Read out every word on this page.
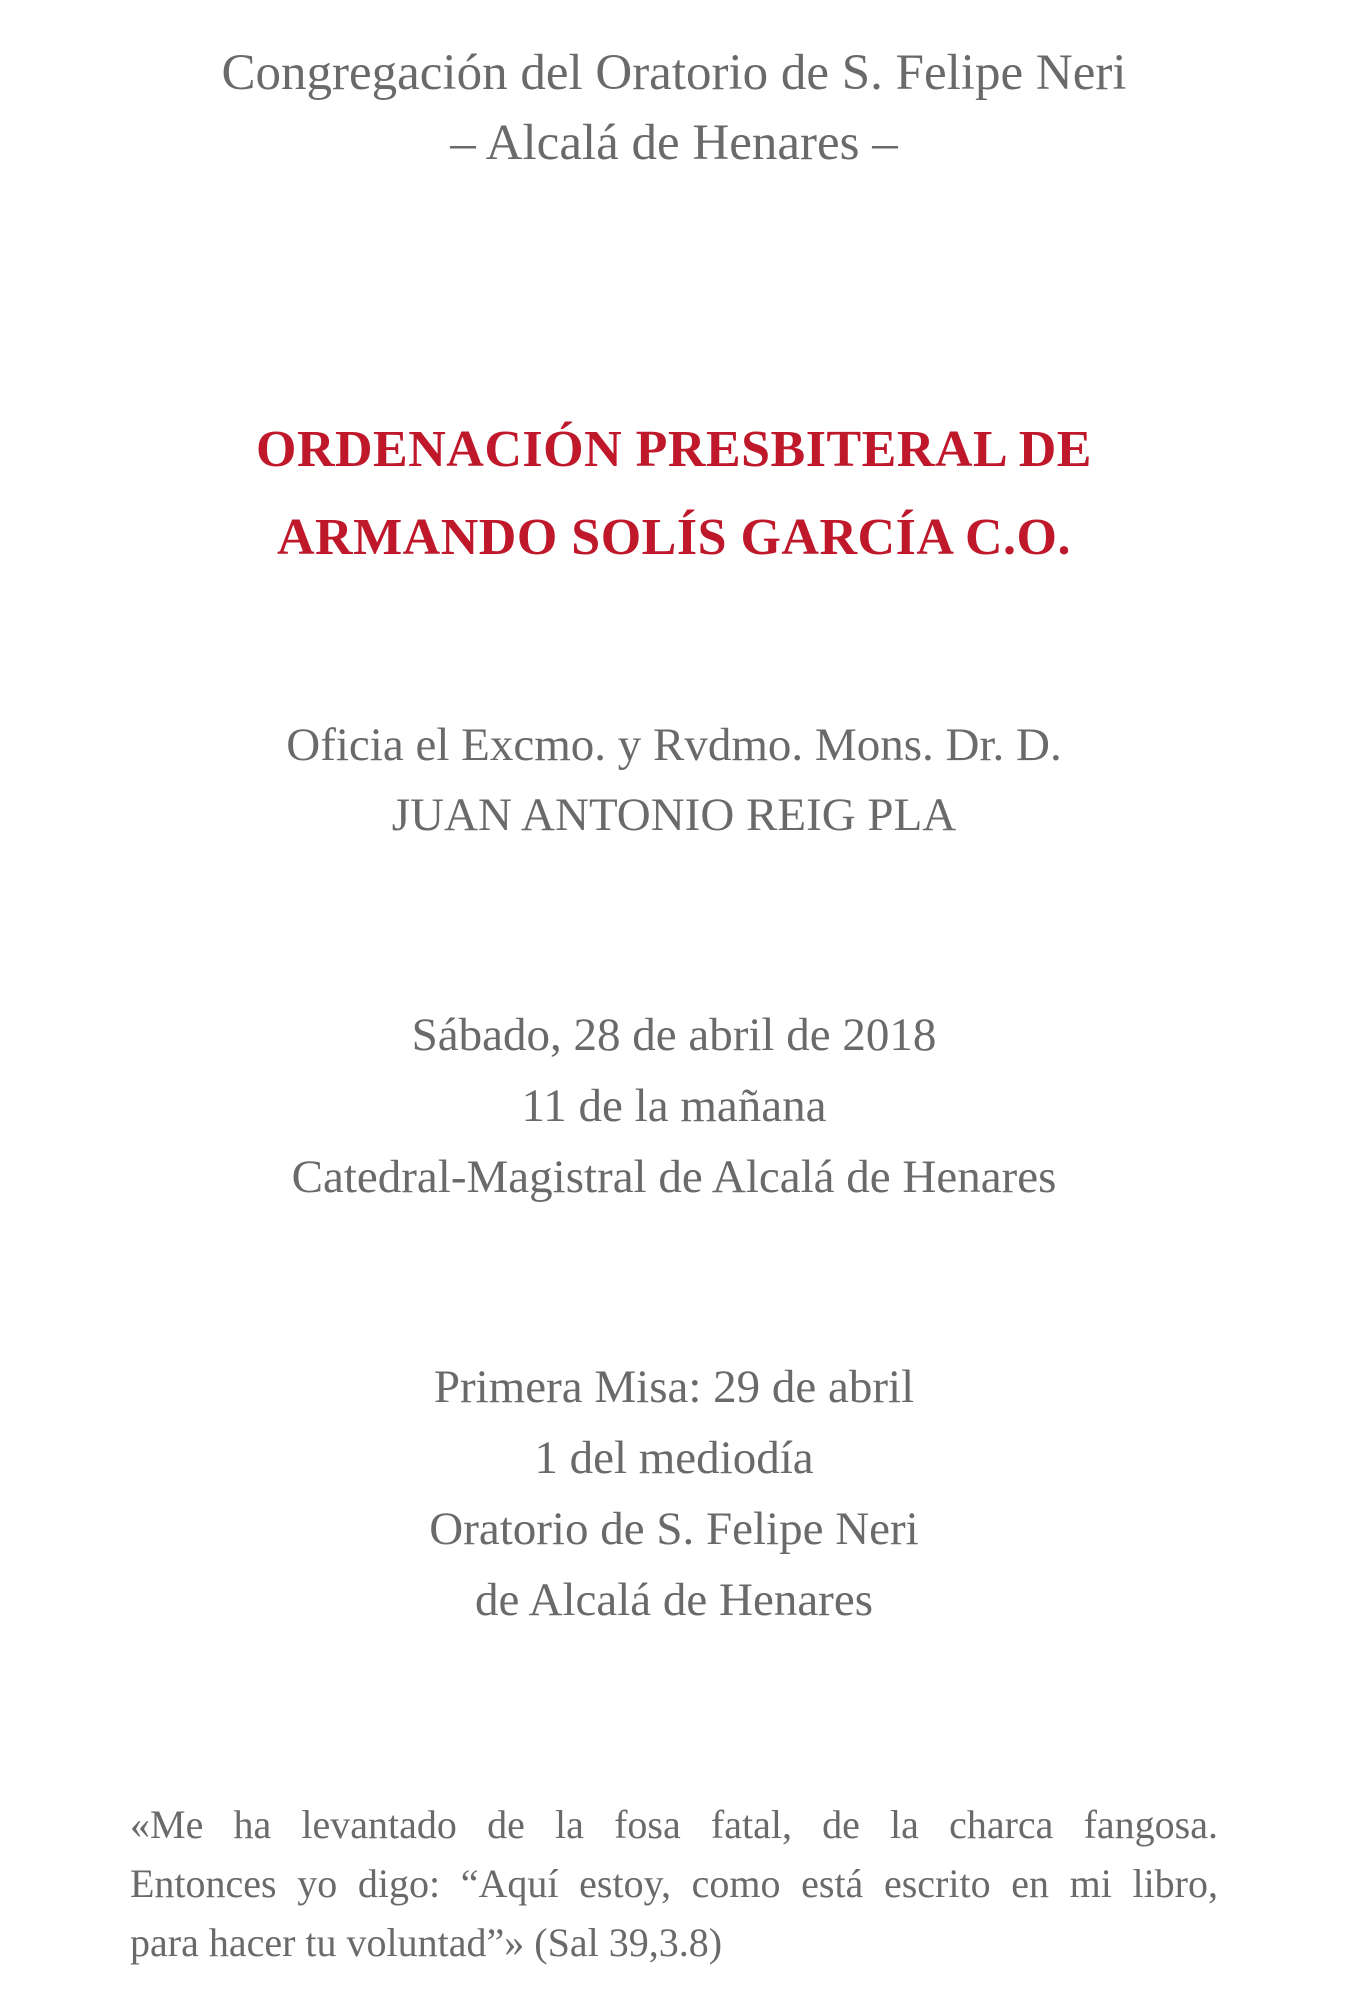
Congregación del Oratorio de S. Felipe Neri
– Alcalá de Henares –
ORDENACIÓN PRESBITERAL DE
ARMANDO SOLÍS GARCÍA C.O.
Oficia el Excmo. y Rvdmo. Mons. Dr. D.
JUAN ANTONIO REIG PLA
Sábado, 28 de abril de 2018
11 de la mañana
Catedral-Magistral de Alcalá de Henares
Primera Misa: 29 de abril
1 del mediodía
Oratorio de S. Felipe Neri
de Alcalá de Henares
«Me ha levantado de la fosa fatal, de la charca fangosa.
Entonces yo digo: “Aquí estoy, como está escrito en mi libro,
para hacer tu voluntad”» (Sal 39,3.8)
